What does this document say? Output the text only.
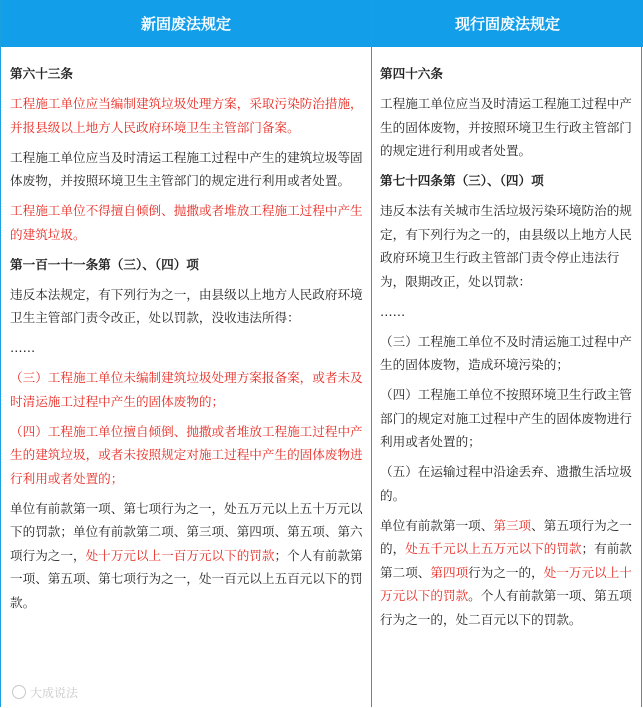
新固废法规定	现行固废法规定

第六十三条

工程施工单位应当编制建筑垃圾处理方案，采取污染防治措施，并报县级以上地方人民政府环境卫生主管部门备案。

工程施工单位应当及时清运工程施工过程中产生的建筑垃圾等固体废物，并按照环境卫生主管部门的规定进行利用或者处置。

工程施工单位不得擅自倾倒、抛撒或者堆放工程施工过程中产生的建筑垃圾。

第一百一十一条第（三）、（四）项

违反本法规定，有下列行为之一，由县级以上地方人民政府环境卫生主管部门责令改正，处以罚款，没收违法所得：

……

（三）工程施工单位未编制建筑垃圾处理方案报备案，或者未及时清运施工过程中产生的固体废物的；

（四）工程施工单位擅自倾倒、抛撒或者堆放工程施工过程中产生的建筑垃圾，或者未按照规定对施工过程中产生的固体废物进行利用或者处置的；

单位有前款第一项、第七项行为之一，处五万元以上五十万元以下的罚款；单位有前款第二项、第三项、第四项、第五项、第六项行为之一，处十万元以上一百万元以下的罚款；个人有前款第一项、第五项、第七项行为之一，处一百元以上五百元以下的罚款。

第四十六条

工程施工单位应当及时清运工程施工过程中产生的固体废物，并按照环境卫生行政主管部门的规定进行利用或者处置。

第七十四条第（三）、（四）项

违反本法有关城市生活垃圾污染环境防治的规定，有下列行为之一的，由县级以上地方人民政府环境卫生行政主管部门责令停止违法行为，限期改正，处以罚款：

……

（三）工程施工单位不及时清运施工过程中产生的固体废物，造成环境污染的；

（四）工程施工单位不按照环境卫生行政主管部门的规定对施工过程中产生的固体废物进行利用或者处置的；

（五）在运输过程中沿途丢弃、遗撒生活垃圾的。

单位有前款第一项、第三项、第五项行为之一的，处五千元以上五万元以下的罚款；有前款第二项、第四项行为之一的，处一万元以上十万元以下的罚款。个人有前款第一项、第五项行为之一的，处二百元以下的罚款。

大成说法
